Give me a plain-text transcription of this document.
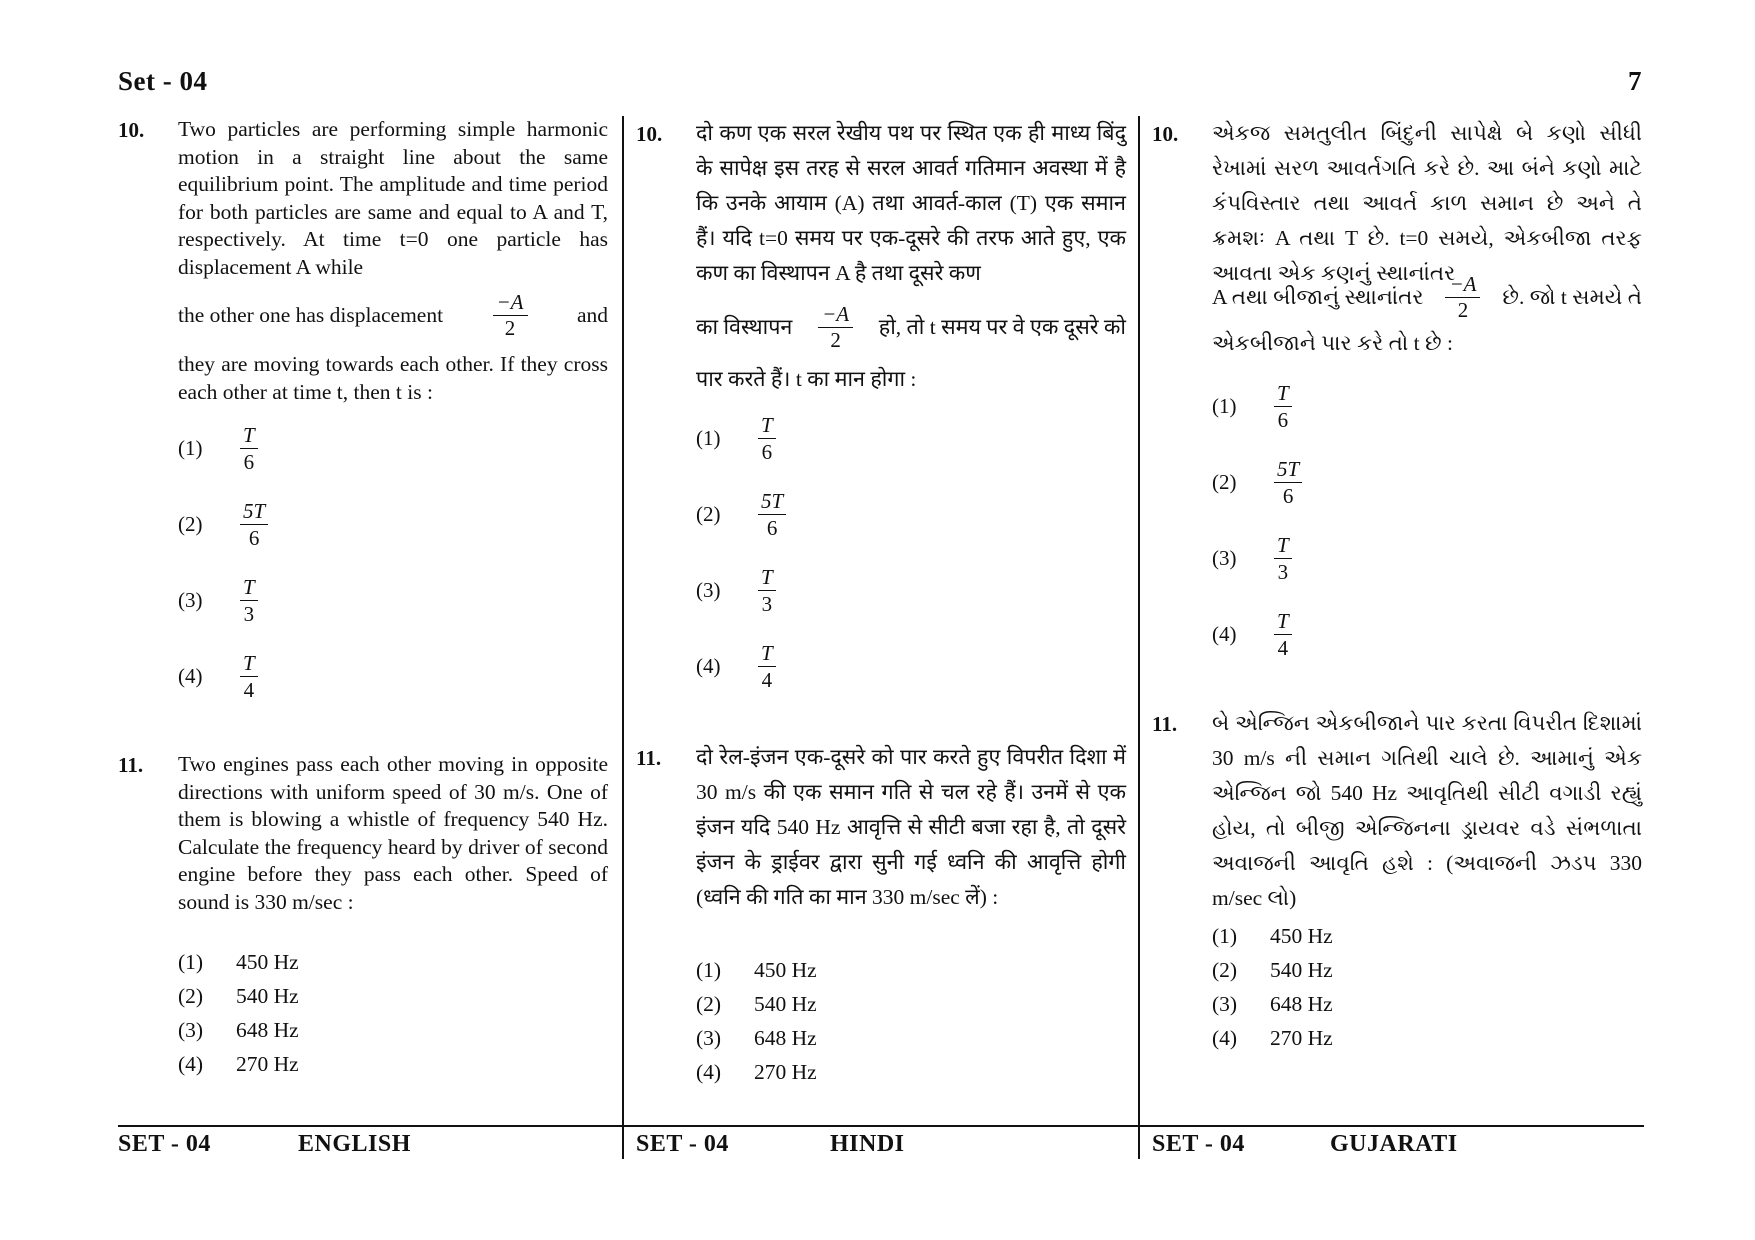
Set - 04	7
10. Two particles are performing simple harmonic motion in a straight line about the same equilibrium point. The amplitude and time period for both particles are same and equal to A and T, respectively. At time t=0 one particle has displacement A while

the other one has displacement $\frac{-A}{2}$ and
they are moving towards each other. If they cross each other at time t, then t is :
$(1) \frac{T}{6}$
$(2) \frac{5T}{6}$
$(3) \frac{T}{3}$
$(4) \frac{T}{4}$
11. Two engines pass each other moving in opposite directions with uniform speed of 30 m/s. One of them is blowing a whistle of frequency 540 Hz. Calculate the frequency heard by driver of second engine before they pass each other. Speed of sound is 330 m/sec :
(1) 450 Hz
(2) 540 Hz
(3) 648 Hz
(4) 270 Hz
SET - 04	ENGLISH
10. दो कण एक सरल रेखीय पथ पर स्थित एक ही माध्य बिंदु के सापेक्ष इस तरह से सरल आवर्त गतिमान अवस्था में है कि उनके आयाम (A) तथा आवर्त-काल (T) एक समान हैं। यदि t=0 समय पर एक-दूसरे की तरफ आते हुए, एक कण का विस्थापन A है तथा दूसरे कण
का विस्थापन $\frac{-A}{2}$ हो, तो t समय पर वे एक दूसरे को
पार करते हैं। t का मान होगा :
$(1) \frac{T}{6}$
$(2) \frac{5T}{6}$
$(3) \frac{T}{3}$
$(4) \frac{T}{4}$
11. दो रेल-इंजन एक-दूसरे को पार करते हुए विपरीत दिशा में 30 m/s की एक समान गति से चल रहे हैं। उनमें से एक इंजन यदि 540 Hz आवृत्ति से सीटी बजा रहा है, तो दूसरे इंजन के ड्राईवर द्वारा सुनी गई ध्वनि की आवृत्ति होगी (ध्वनि की गति का मान 330 m/sec लें) :
(1) 450 Hz
(2) 540 Hz
(3) 648 Hz
(4) 270 Hz
SET - 04	HINDI
10. એકજ સમતુલીત બિંદુની સાપેક્ષે બે કણો સીધી રેખામાં સરળ આવર્તગતિ કરે છે. આ બંને કણો માટે કંપવિસ્તાર તથા આવર્ત કાળ સમાન છે અને તે ક્રમશઃ A તથા T છે. t=0 સમયે, એકબીજા તરફ આવતા એક કણનું સ્થાનાંતર
A તથા બીજાનું સ્થાનાંતર $\frac{-A}{2}$ છે. જો t સમયે તે
એકબીજાને પાર કરે તો t છે :
$(1) \frac{T}{6}$
$(2) \frac{5T}{6}$
$(3) \frac{T}{3}$
$(4) \frac{T}{4}$
11. બે એન્જિન એકબીજાને પાર કરતા વિપરીત દિશામાં 30 m/s ની સમાન ગતિથી ચાલે છે. આમાનું એક એન્જિન જો 540 Hz આવૃતિથી સીટી વગાડી રહ્યું હોય, તો બીજી એન્જિનના ડ્રાયવર વડે સંભળાતા અવાજની આવૃતિ હશે : (અવાજની ઝડપ 330 m/sec લો)
(1) 450 Hz
(2) 540 Hz
(3) 648 Hz
(4) 270 Hz
SET - 04	GUJARATI
